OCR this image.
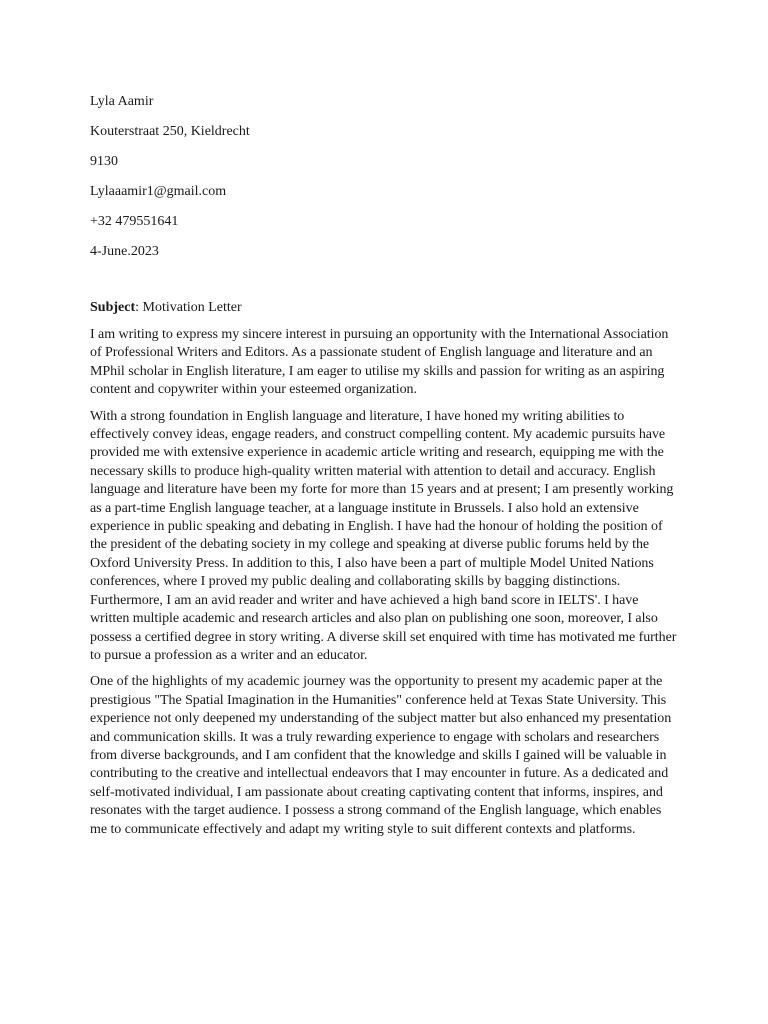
Lyla Aamir
Kouterstraat 250, Kieldrecht
9130
Lylaaamir1@gmail.com
+32 479551641
4-June.2023
Subject: Motivation Letter

I am writing to express my sincere interest in pursuing an opportunity with the International Association of Professional Writers and Editors. As a passionate student of English language and literature and an MPhil scholar in English literature, I am eager to utilise my skills and passion for writing as an aspiring content and copywriter within your esteemed organization.

With a strong foundation in English language and literature, I have honed my writing abilities to effectively convey ideas, engage readers, and construct compelling content. My academic pursuits have provided me with extensive experience in academic article writing and research, equipping me with the necessary skills to produce high-quality written material with attention to detail and accuracy. English language and literature have been my forte for more than 15 years and at present; I am presently working as a part-time English language teacher, at a language institute in Brussels. I also hold an extensive experience in public speaking and debating in English. I have had the honour of holding the position of the president of the debating society in my college and speaking at diverse public forums held by the Oxford University Press. In addition to this, I also have been a part of multiple Model United Nations conferences, where I proved my public dealing and collaborating skills by bagging distinctions. Furthermore, I am an avid reader and writer and have achieved a high band score in IELTS'. I have written multiple academic and research articles and also plan on publishing one soon, moreover, I also possess a certified degree in story writing. A diverse skill set enquired with time has motivated me further to pursue a profession as a writer and an educator.

One of the highlights of my academic journey was the opportunity to present my academic paper at the prestigious "The Spatial Imagination in the Humanities" conference held at Texas State University. This experience not only deepened my understanding of the subject matter but also enhanced my presentation and communication skills. It was a truly rewarding experience to engage with scholars and researchers from diverse backgrounds, and I am confident that the knowledge and skills I gained will be valuable in contributing to the creative and intellectual endeavors that I may encounter in future. As a dedicated and self-motivated individual, I am passionate about creating captivating content that informs, inspires, and resonates with the target audience. I possess a strong command of the English language, which enables me to communicate effectively and adapt my writing style to suit different contexts and platforms.
